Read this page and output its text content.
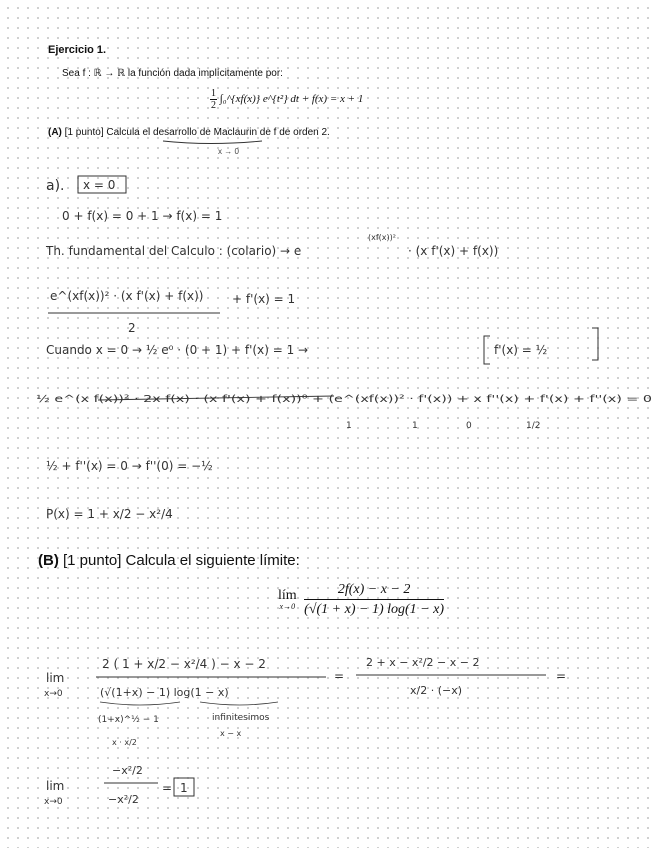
Ejercicio 1.
Sea f : ℝ → ℝ la función dada implícitamente por:
$\frac{1}{2}$ ∫₀^{xf(x)} e^{t²} dt + f(x) = x + 1
(A) [1 punto] Calcula el desarrollo de Maclaurin de f de orden 2.
x → 0
(B) [1 punto] Calcula el siguiente límite:
lím
x→0
$\frac{2f(x) - x - 2}{(√(1 + x) - 1) \log(1 - x)}$
a). x = 0
0 + f(x) = 0 + 1 → f(x) = 1
Th. fundamental del Calculo : (colario) → e
(xf(x))²
· (x f'(x) + f(x))
e^(xf(x))² · (x f'(x) + f(x))
2
+ f'(x) = 1
Cuando x = 0 → ½ e⁰ · (0 + 1) + f'(x) = 1 →	f'(x) = ½
½ e^(x f(x))² · 2x f(x) · (x f'(x) + f(x))⁰ + (e^(xf(x))² · f'(x)) + x f''(x) + f'(x) + f''(x) = 0
1	1	0	1/2
½ + f''(x) = 0 → f''(0) = −½
P(x) = 1 + x/2 − x²/4
lim
x→0
2 ( 1 + x/2 − x²/4 ) − x − 2
(√(1+x) − 1) log(1 − x)
=
2 + x − x²/2 − x − 2
x/2 · (−x)
=
(1+x)^½ − 1
x · x/2
infinitesimos
x − x
lim
x→0
−x²/2
−x²/2
= 1
